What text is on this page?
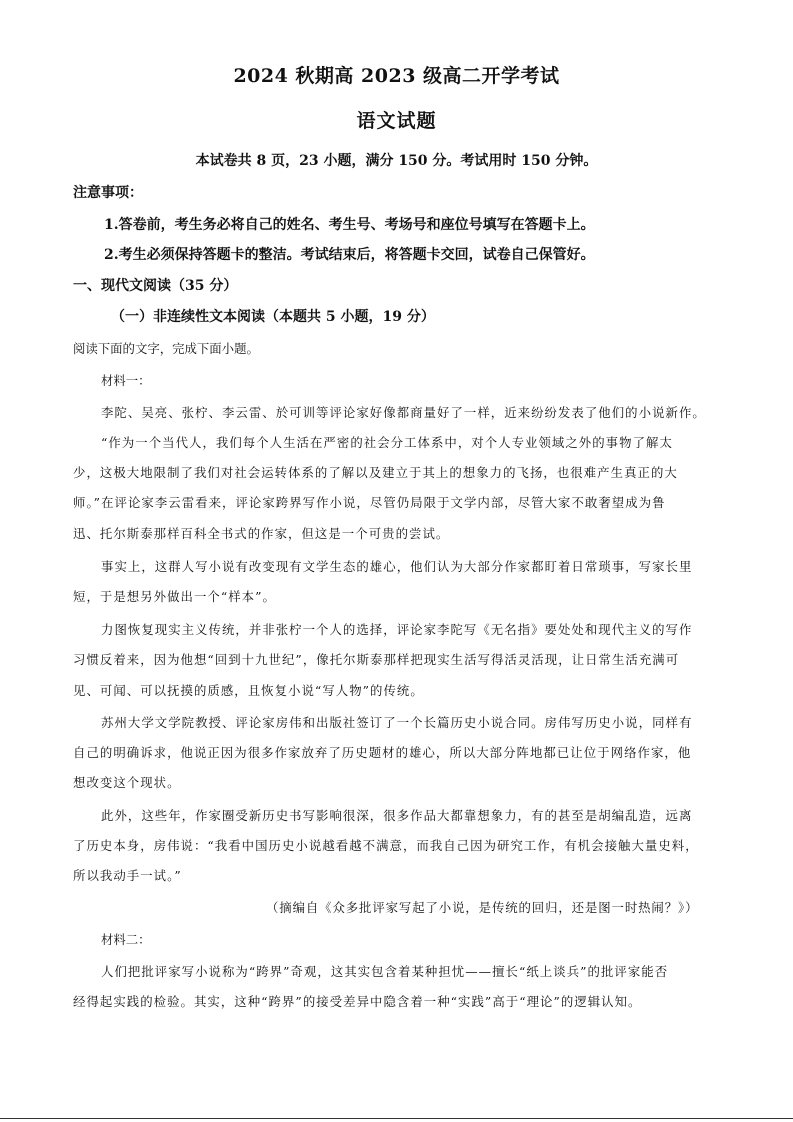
2024 秋期高 2023 级高二开学考试
语文试题
本试卷共 8 页，23 小题，满分 150 分。考试用时 150 分钟。
注意事项：
1.答卷前，考生务必将自己的姓名、考生号、考场号和座位号填写在答题卡上。
2.考生必须保持答题卡的整洁。考试结束后，将答题卡交回，试卷自己保管好。
一、现代文阅读（35 分）
（一）非连续性文本阅读（本题共 5 小题，19 分）
阅读下面的文字，完成下面小题。
材料一：
李陀、吴亮、张柠、李云雷、於可训等评论家好像都商量好了一样，近来纷纷发表了他们的小说新作。
“作为一个当代人，我们每个人生活在严密的社会分工体系中，对个人专业领域之外的事物了解太
少，这极大地限制了我们对社会运转体系的了解以及建立于其上的想象力的飞扬，也很难产生真正的大
师。”在评论家李云雷看来，评论家跨界写作小说，尽管仍局限于文学内部，尽管大家不敢奢望成为鲁
迅、托尔斯泰那样百科全书式的作家，但这是一个可贵的尝试。
事实上，这群人写小说有改变现有文学生态的雄心，他们认为大部分作家都盯着日常琐事，写家长里
短，于是想另外做出一个“样本”。
力图恢复现实主义传统，并非张柠一个人的选择，评论家李陀写《无名指》要处处和现代主义的写作
习惯反着来，因为他想“回到十九世纪”，像托尔斯泰那样把现实生活写得活灵活现，让日常生活充满可
见、可闻、可以抚摸的质感，且恢复小说“写人物”的传统。
苏州大学文学院教授、评论家房伟和出版社签订了一个长篇历史小说合同。房伟写历史小说，同样有
自己的明确诉求，他说正因为很多作家放弃了历史题材的雄心，所以大部分阵地都已让位于网络作家，他
想改变这个现状。
此外，这些年，作家圈受新历史书写影响很深，很多作品大都靠想象力，有的甚至是胡编乱造，远离
了历史本身，房伟说：“我看中国历史小说越看越不满意，而我自己因为研究工作，有机会接触大量史料，
所以我动手一试。”
（摘编自《众多批评家写起了小说，是传统的回归，还是图一时热闹？》）
材料二：
人们把批评家写小说称为“跨界”奇观，这其实包含着某种担忧——擅长“纸上谈兵”的批评家能否
经得起实践的检验。其实，这种“跨界”的接受差异中隐含着一种“实践”高于“理论”的逻辑认知。
